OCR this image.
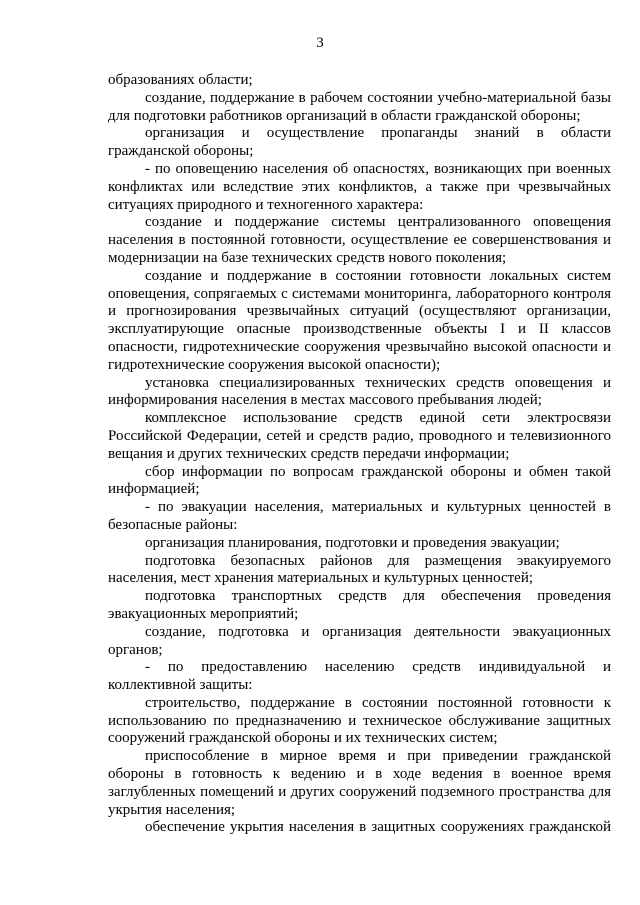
3

образованиях области;

создание, поддержание в рабочем состоянии учебно-материальной базы для подготовки работников организаций в области гражданской обороны;

организация и осуществление пропаганды знаний в области гражданской обороны;

- по оповещению населения об опасностях, возникающих при военных конфликтах или вследствие этих конфликтов, а также при чрезвычайных ситуациях природного и техногенного характера:

создание и поддержание системы централизованного оповещения населения в постоянной готовности, осуществление ее совершенствования и модернизации на базе технических средств нового поколения;

создание и поддержание в состоянии готовности локальных систем оповещения, сопрягаемых с системами мониторинга, лабораторного контроля и прогнозирования чрезвычайных ситуаций (осуществляют организации, эксплуатирующие опасные производственные объекты I и II классов опасности, гидротехнические сооружения чрезвычайно высокой опасности и гидротехнические сооружения высокой опасности);

установка специализированных технических средств оповещения и информирования населения в местах массового пребывания людей;

комплексное использование средств единой сети электросвязи Российской Федерации, сетей и средств радио, проводного и телевизионного вещания и других технических средств передачи информации;

сбор информации по вопросам гражданской обороны и обмен такой информацией;

- по эвакуации населения, материальных и культурных ценностей в безопасные районы:

организация планирования, подготовки и проведения эвакуации;

подготовка безопасных районов для размещения эвакуируемого населения, мест хранения материальных и культурных ценностей;

подготовка транспортных средств для обеспечения проведения эвакуационных мероприятий;

создание, подготовка и организация деятельности эвакуационных органов;

- по предоставлению населению средств индивидуальной и коллективной защиты:

строительство, поддержание в состоянии постоянной готовности к использованию по предназначению и техническое обслуживание защитных сооружений гражданской обороны и их технических систем;

приспособление в мирное время и при приведении гражданской обороны в готовность к ведению и в ходе ведения в военное время заглубленных помещений и других сооружений подземного пространства для укрытия населения;

обеспечение укрытия населения в защитных сооружениях гражданской
